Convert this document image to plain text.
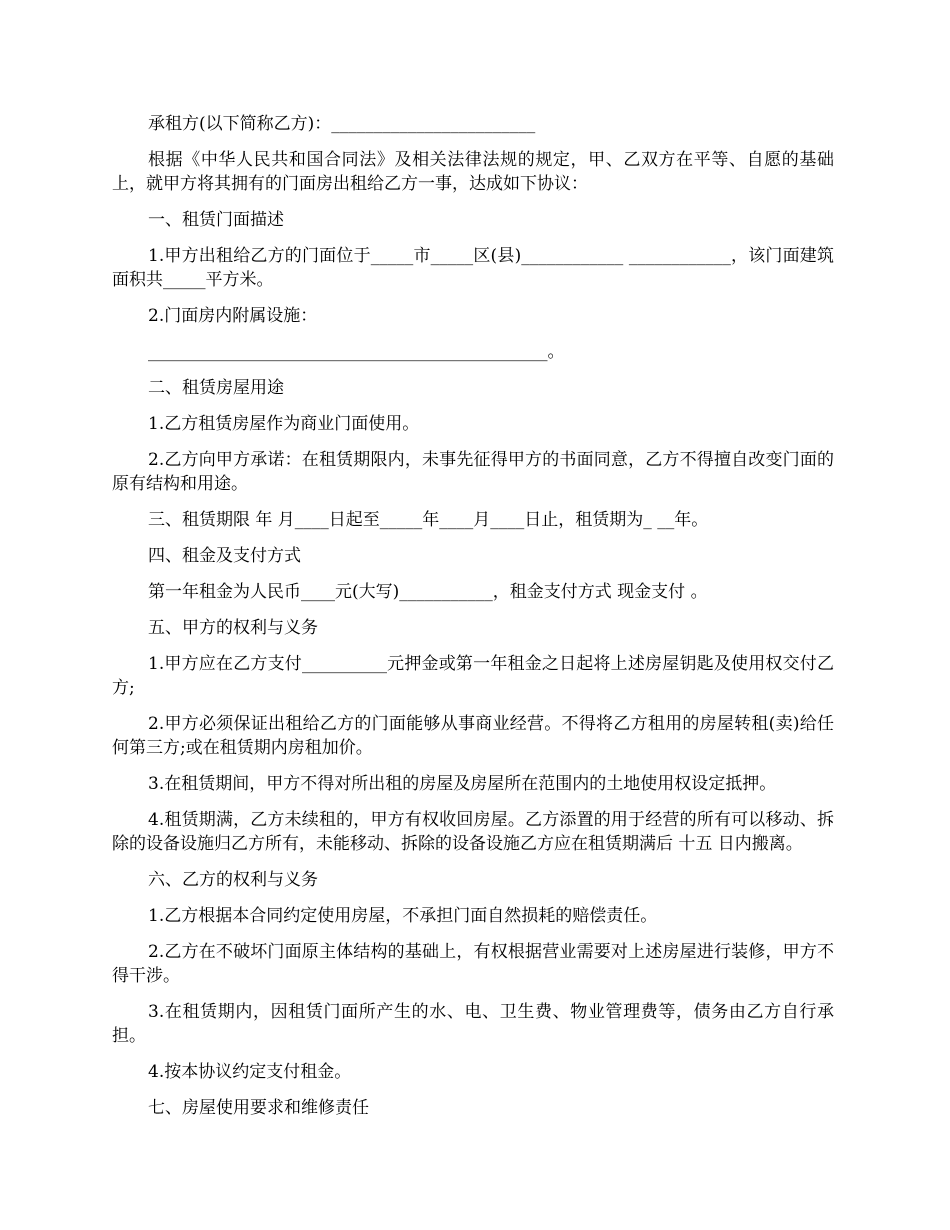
承租方(以下简称乙方)：________________________

根据《中华人民共和国合同法》及相关法律法规的规定，甲、乙双方在平等、自愿的基础上，就甲方将其拥有的门面房出租给乙方一事，达成如下协议：

一、租赁门面描述

1.甲方出租给乙方的门面位于_____市_____区(县)____________ ____________，该门面建筑面积共_____平方米。

2.门面房内附属设施：

_______________________________________________。

二、租赁房屋用途

1.乙方租赁房屋作为商业门面使用。

2.乙方向甲方承诺：在租赁期限内，未事先征得甲方的书面同意，乙方不得擅自改变门面的原有结构和用途。

三、租赁期限 年 月____日起至_____年____月____日止，租赁期为_ __年。

四、租金及支付方式

第一年租金为人民币____元(大写)___________，租金支付方式 现金支付 。

五、甲方的权利与义务

1.甲方应在乙方支付__________元押金或第一年租金之日起将上述房屋钥匙及使用权交付乙方;

2.甲方必须保证出租给乙方的门面能够从事商业经营。不得将乙方租用的房屋转租(卖)给任何第三方;或在租赁期内房租加价。

3.在租赁期间，甲方不得对所出租的房屋及房屋所在范围内的土地使用权设定抵押。

4.租赁期满，乙方未续租的，甲方有权收回房屋。乙方添置的用于经营的所有可以移动、拆除的设备设施归乙方所有，未能移动、拆除的设备设施乙方应在租赁期满后 十五 日内搬离。

六、乙方的权利与义务

1.乙方根据本合同约定使用房屋，不承担门面自然损耗的赔偿责任。

2.乙方在不破坏门面原主体结构的基础上，有权根据营业需要对上述房屋进行装修，甲方不得干涉。

3.在租赁期内，因租赁门面所产生的水、电、卫生费、物业管理费等，债务由乙方自行承担。

4.按本协议约定支付租金。

七、房屋使用要求和维修责任
